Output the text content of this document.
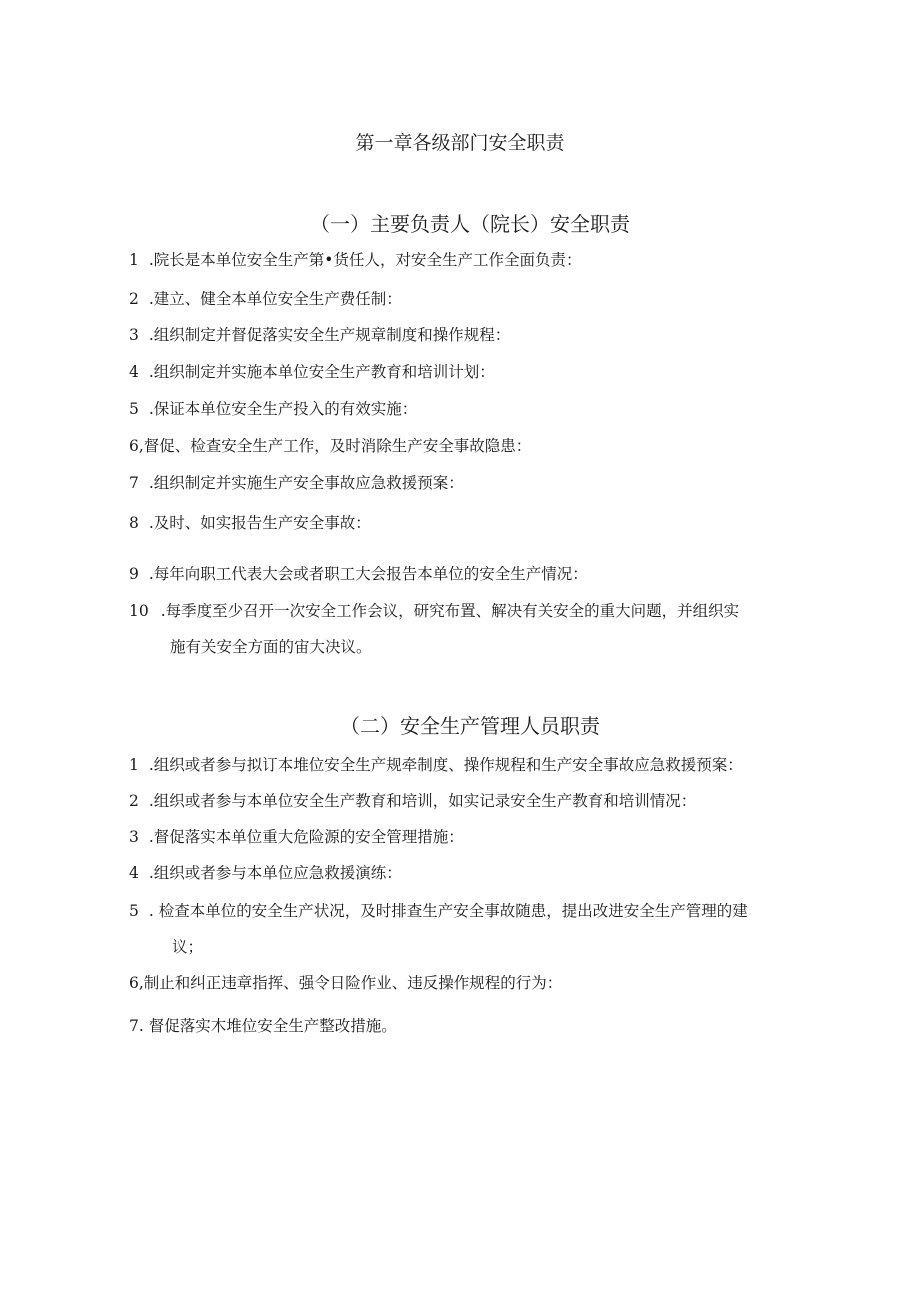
第一章各级部门安全职责
（一）主要负责人（院长）安全职责
1 .院长是本单位安全生产第•货任人，对安全生产工作全面负责：
2 .建立、健全本单位安全生产费任制：
3 .组织制定并督促落实安全生产规章制度和操作规程：
4 .组织制定并实施本单位安全生产教育和培训计划：
5 .保证本单位安全生产投入的有效实施：
6,督促、检查安全生产工作，及时消除生产安全事故隐患：
7 .组织制定并实施生产安全事故应急救援预案：
8 .及时、如实报告生产安全事故：
9 .每年向职工代表大会或者职工大会报告本单位的安全生产情况：
10 .每季度至少召开一次安全工作会议，研究布置、解决有关安全的重大问题，并组织实
施有关安全方面的宙大决议。
（二）安全生产管理人员职责
1 .组织或者参与拟订本堆位安全生产规牵制度、操作规程和生产安全事故应急救援预案：
2 .组织或者参与本单位安全生产教育和培训，如实记录安全生产教育和培训情况：
3 .督促落实本单位重大危险源的安全管理措施：
4 .组织或者参与本单位应急救援演练：
5 . 检查本单位的安全生产状况，及时排查生产安全事故随患，提出改进安全生产管理的建
议；
6,制止和纠正违章指挥、强令日险作业、违反操作规程的行为：
7. 督促落实木堆位安全生产整改措施。
